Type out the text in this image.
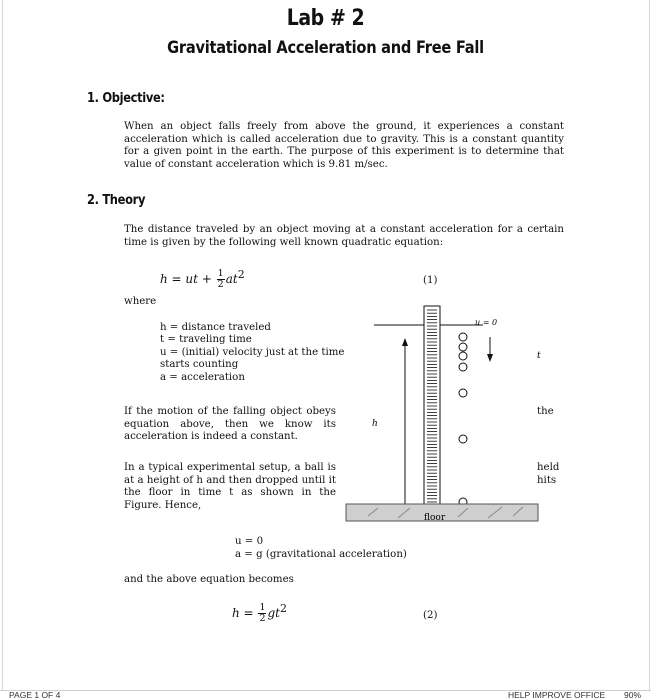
Lab # 2
Gravitational Acceleration and Free Fall
1. Objective:
When an object falls freely from above the ground, it experiences a constant acceleration which is called acceleration due to gravity. This is a constant quantity for a given point in the earth. The purpose of this experiment is to determine that value of constant acceleration which is 9.81 m/sec.
2. Theory
The distance traveled by an object moving at a constant acceleration for a certain time is given by the following well known quadratic equation:
h = ut + $\frac{1}{2} at^2$	(1)
where
h = distance traveled
t = traveling time
u = (initial) velocity just at the time starts counting
a = acceleration
If the motion of the falling object obeys equation above, then we know its acceleration is indeed a constant.
In a typical experimental setup, a ball is at a height of h and then dropped until it the floor in time t as shown in the Figure. Hence,
u = 0
h
t
floor
the
held
hits
u = 0
a = g (gravitational acceleration)
and the above equation becomes
$h = \frac{1}{2} gt^2$
(2)
PAGE 1 OF 4	HELP IMPROVE OFFICE 90%
